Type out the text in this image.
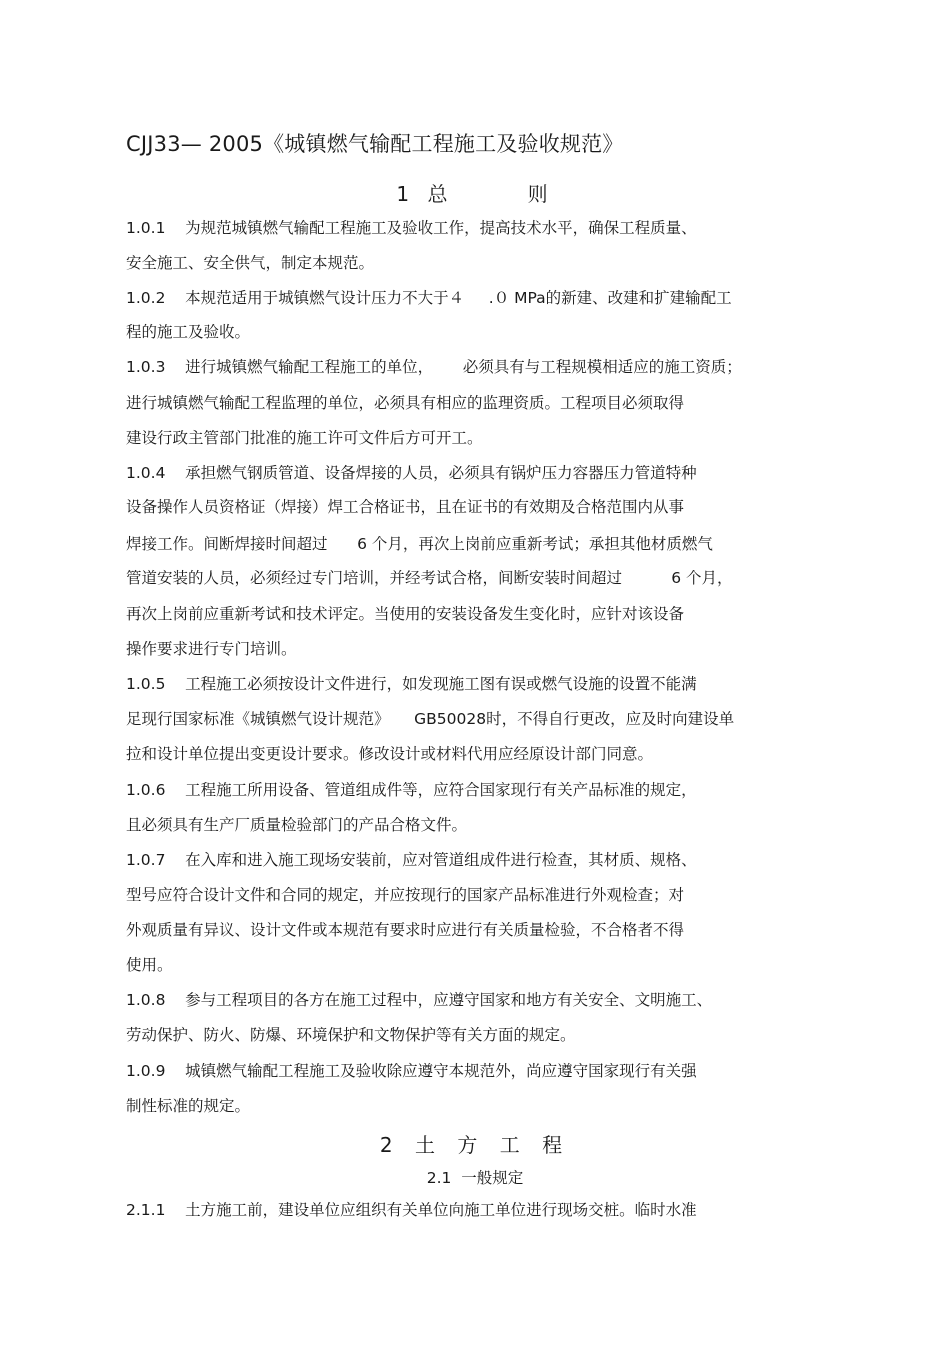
CJJ33— 2005《城镇燃气输配工程施工及验收规范》
1 总      则
1.0.1    为规范城镇燃气输配工程施工及验收工作，提高技术水平，确保工程质量、
安全施工、安全供气，制定本规范。
1.0.2    本规范适用于城镇燃气设计压力不大于４     .０ MPa的新建、改建和扩建输配工
程的施工及验收。
1.0.3    进行城镇燃气输配工程施工的单位，      必须具有与工程规模相适应的施工资质；
进行城镇燃气输配工程监理的单位，必须具有相应的监理资质。工程项目必须取得
建设行政主管部门批准的施工许可文件后方可开工。
1.0.4    承担燃气钢质管道、设备焊接的人员，必须具有锅炉压力容器压力管道特种
设备操作人员资格证（焊接）焊工合格证书，且在证书的有效期及合格范围内从事
焊接工作。间断焊接时间超过      6 个月，再次上岗前应重新考试；承担其他材质燃气
管道安装的人员，必须经过专门培训，并经考试合格，间断安装时间超过          6 个月，
再次上岗前应重新考试和技术评定。当使用的安装设备发生变化时，应针对该设备
操作要求进行专门培训。
1.0.5    工程施工必须按设计文件进行，如发现施工图有误或燃气设施的设置不能满
足现行国家标准《城镇燃气设计规范》     GB50028时，不得自行更改，应及时向建设单
拉和设计单位提出变更设计要求。修改设计或材料代用应经原设计部门同意。
1.0.6    工程施工所用设备、管道组成件等，应符合国家现行有关产品标准的规定，
且必须具有生产厂质量检验部门的产品合格文件。
1.0.7    在入库和进入施工现场安装前，应对管道组成件进行检查，其材质、规格、
型号应符合设计文件和合同的规定，并应按现行的国家产品标准进行外观检查；对
外观质量有异议、设计文件或本规范有要求时应进行有关质量检验，不合格者不得
使用。
1.0.8    参与工程项目的各方在施工过程中，应遵守国家和地方有关安全、文明施工、
劳动保护、防火、防爆、环境保护和文物保护等有关方面的规定。
1.0.9    城镇燃气输配工程施工及验收除应遵守本规范外，尚应遵守国家现行有关强
制性标准的规定。
2 土 方 工 程
2.1  一般规定
2.1.1    土方施工前，建设单位应组织有关单位向施工单位进行现场交桩。临时水准
